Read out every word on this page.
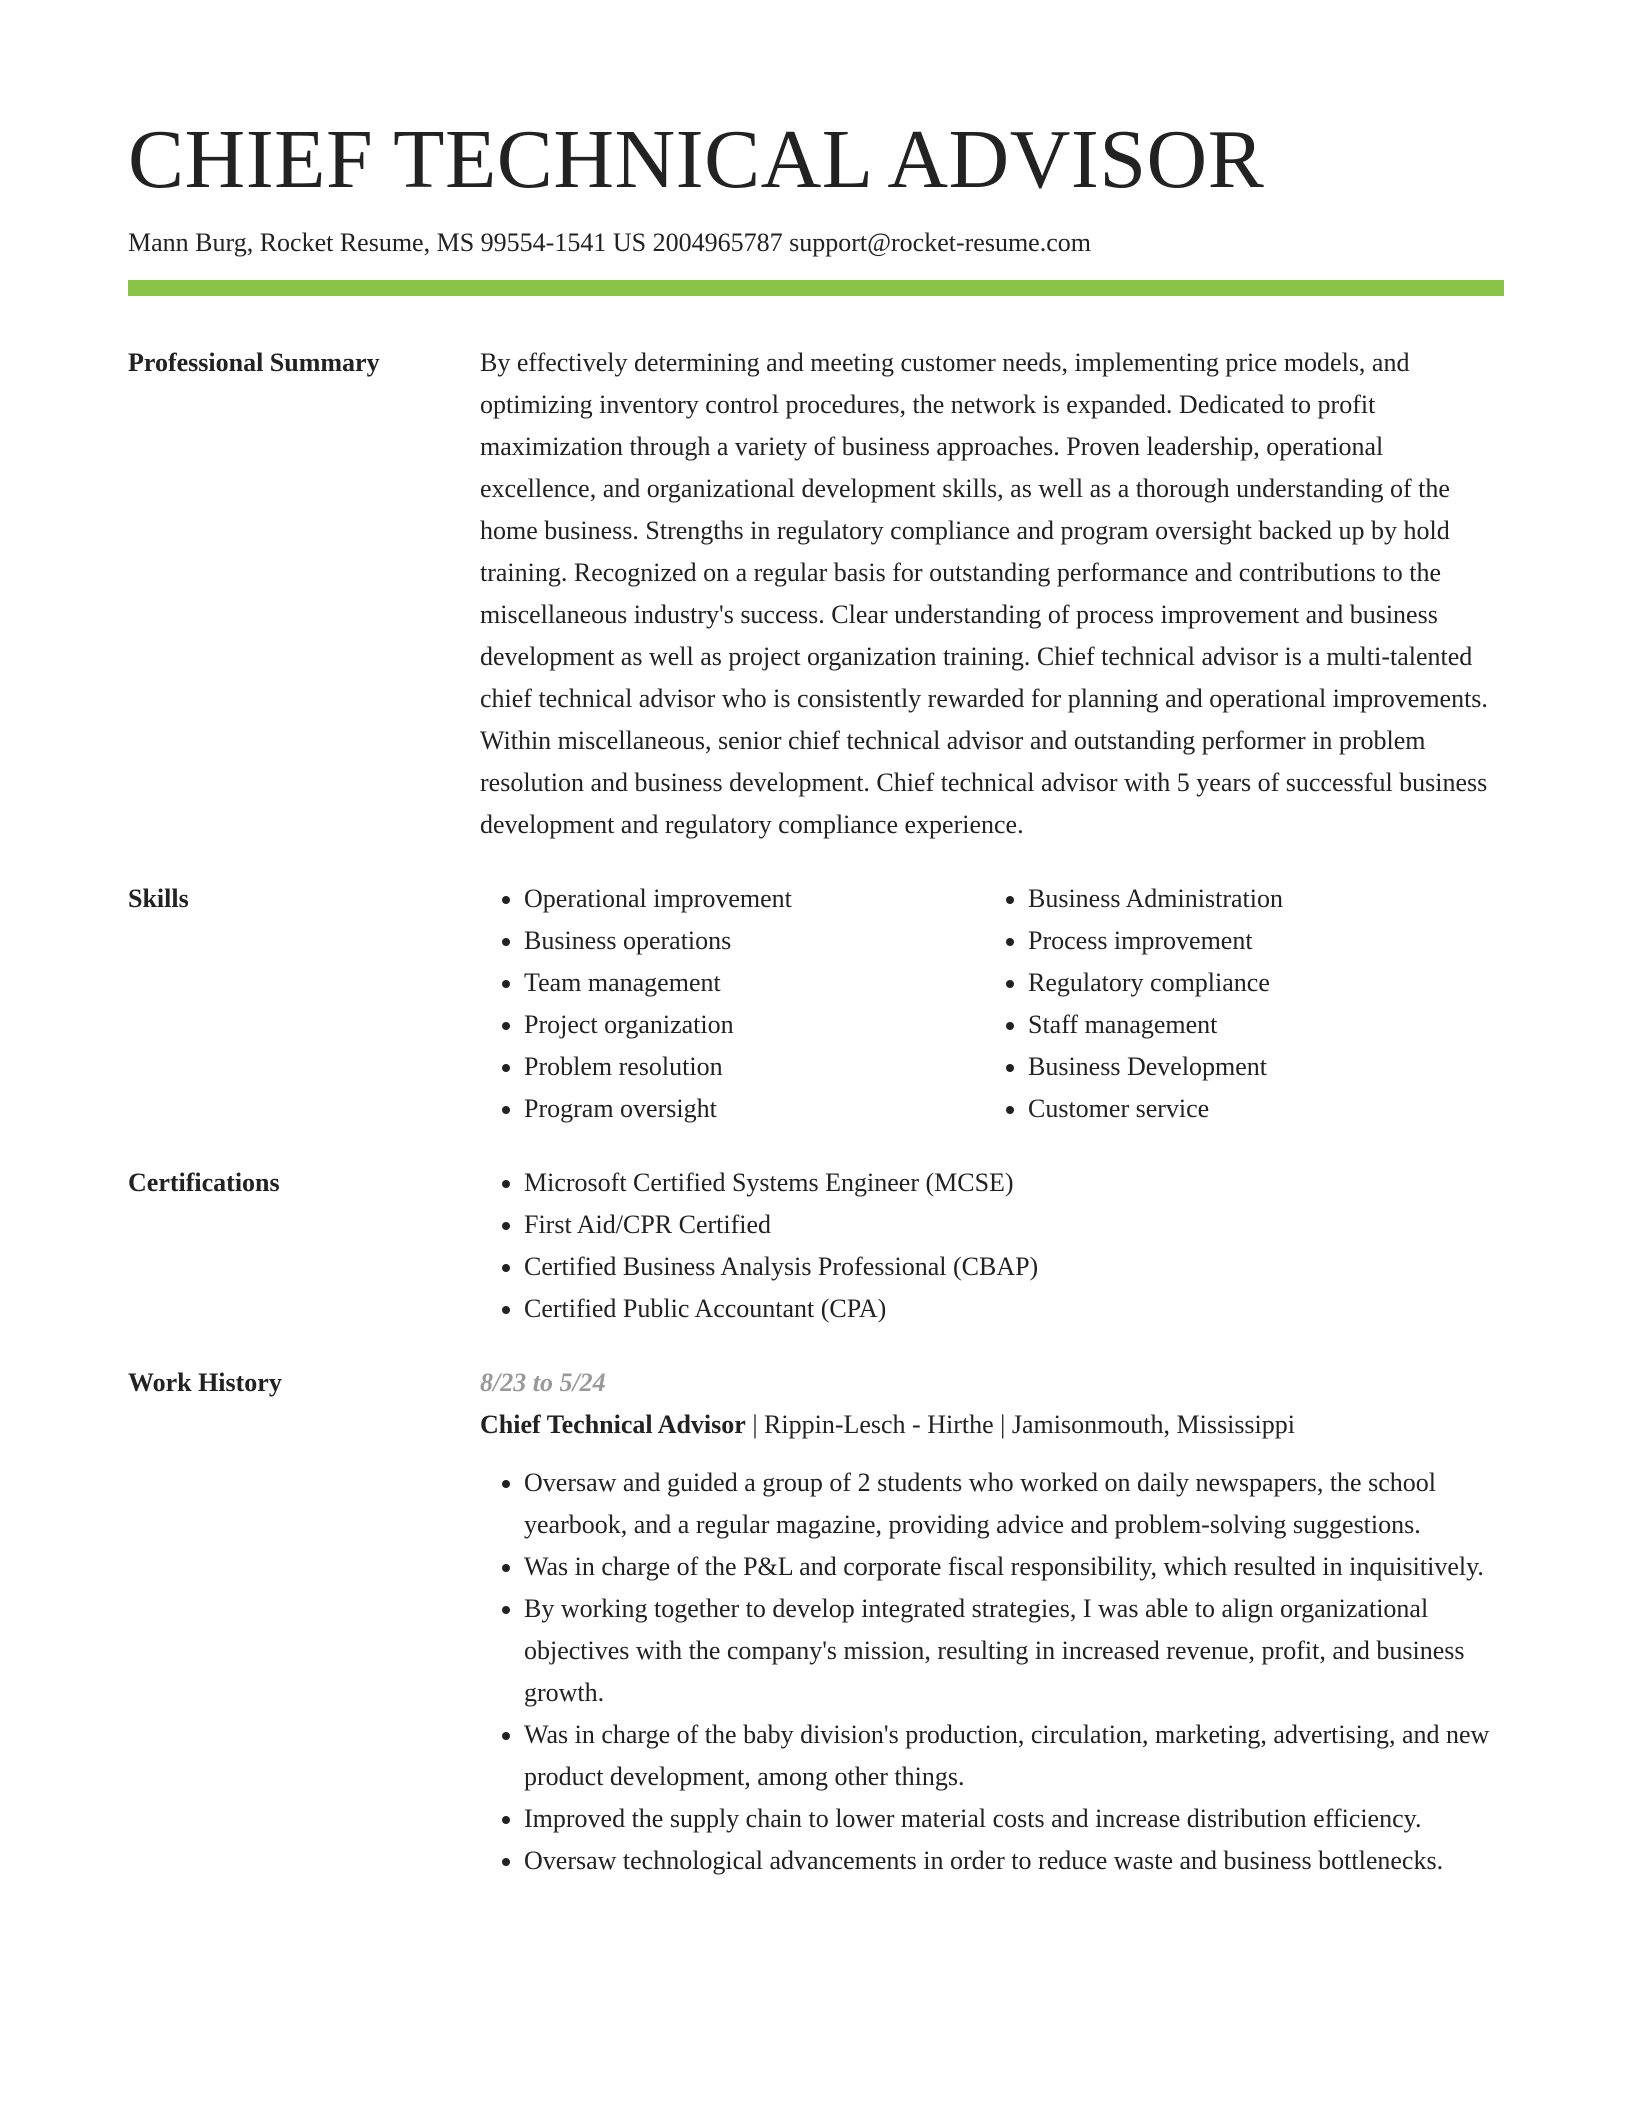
CHIEF TECHNICAL ADVISOR
Mann Burg, Rocket Resume, MS 99554-1541 US 2004965787 support@rocket-resume.com
Professional Summary	By effectively determining and meeting customer needs, implementing price models, and optimizing inventory control procedures, the network is expanded. Dedicated to profit maximization through a variety of business approaches. Proven leadership, operational excellence, and organizational development skills, as well as a thorough understanding of the home business. Strengths in regulatory compliance and program oversight backed up by hold training. Recognized on a regular basis for outstanding performance and contributions to the miscellaneous industry's success. Clear understanding of process improvement and business development as well as project organization training. Chief technical advisor is a multi-talented chief technical advisor who is consistently rewarded for planning and operational improvements. Within miscellaneous, senior chief technical advisor and outstanding performer in problem resolution and business development. Chief technical advisor with 5 years of successful business development and regulatory compliance experience.

Skills	• Operational improvement
• Business operations
• Team management
• Project organization
• Problem resolution
• Program oversight
• Business Administration
• Process improvement
• Regulatory compliance
• Staff management
• Business Development
• Customer service
Certifications	• Microsoft Certified Systems Engineer (MCSE)
• First Aid/CPR Certified
• Certified Business Analysis Professional (CBAP)
• Certified Public Accountant (CPA)
Work History	8/23 to 5/24
Chief Technical Advisor | Rippin-Lesch - Hirthe | Jamisonmouth, Mississippi
• Oversaw and guided a group of 2 students who worked on daily newspapers, the school yearbook, and a regular magazine, providing advice and problem-solving suggestions.
• Was in charge of the P&L and corporate fiscal responsibility, which resulted in inquisitively.
• By working together to develop integrated strategies, I was able to align organizational objectives with the company's mission, resulting in increased revenue, profit, and business growth.
• Was in charge of the baby division's production, circulation, marketing, advertising, and new product development, among other things.
• Improved the supply chain to lower material costs and increase distribution efficiency.
• Oversaw technological advancements in order to reduce waste and business bottlenecks.
